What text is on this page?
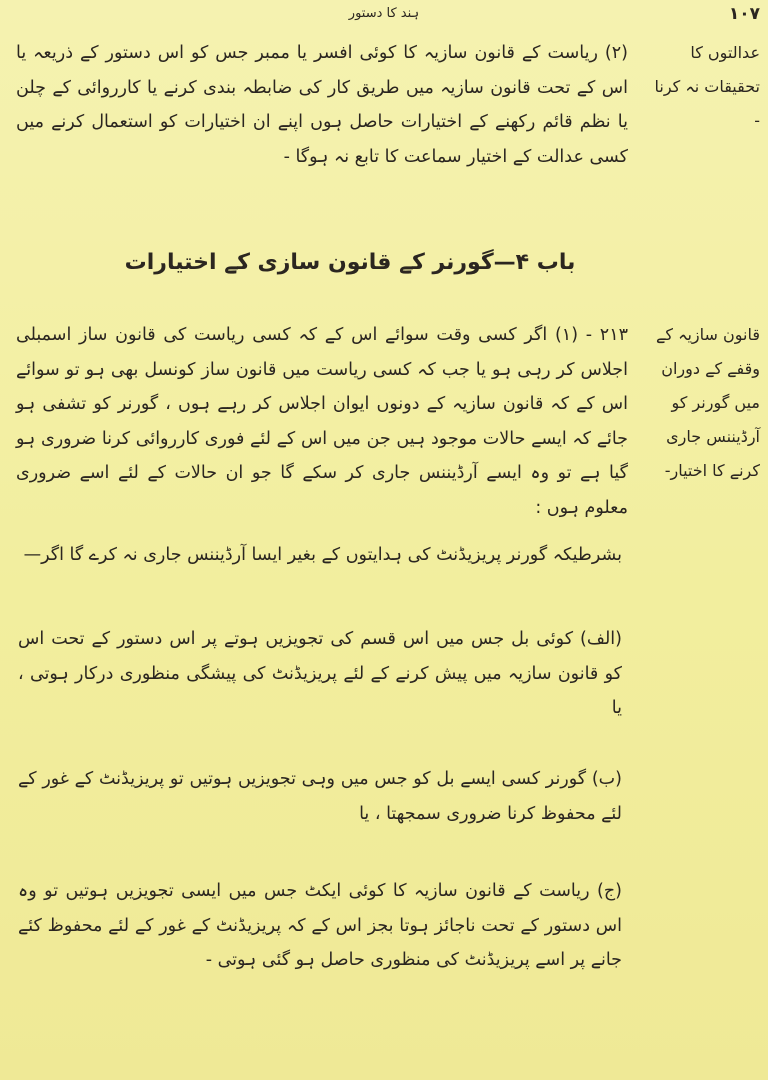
ہند کا دستور	۱۰۷
عدالتوں کا تحقیقات نہ کرنا -
قانون سازیہ کے وقفے کے دوران میں گورنر کو آرڈیننس جاری کرنے کا اختیار-
(۲) ریاست کے قانون سازیہ کا کوئی افسر یا ممبر جس کو اس دستور کے ذریعہ یا اس کے تحت قانون سازیہ میں طریق کار کی ضابطہ بندی کرنے یا کارروائی کے چلن یا نظم قائم رکھنے کے اختیارات حاصل ہوں اپنے ان اختیارات کو استعمال کرنے میں کسی عدالت کے اختیار سماعت کا تابع نہ ہوگا -
باب ۴—گورنر کے قانون سازی کے اختیارات
۲۱۳ - (۱) اگر کسی وقت سوائے اس کے کہ کسی ریاست کی قانون ساز اسمبلی اجلاس کر رہی ہو یا جب کہ کسی ریاست میں قانون ساز کونسل بھی ہو تو سوائے اس کے کہ قانون سازیہ کے دونوں ایوان اجلاس کر رہے ہوں ، گورنر کو تشفی ہو جائے کہ ایسے حالات موجود ہیں جن میں اس کے لئے فوری کارروائی کرنا ضروری ہو گیا ہے تو وہ ایسے آرڈیننس جاری کر سکے گا جو ان حالات کے لئے اسے ضروری معلوم ہوں :
بشرطیکہ گورنر پریزیڈنٹ کی ہدایتوں کے بغیر ایسا آرڈیننس جاری نہ کرے گا اگر—
(الف) کوئی بل جس میں اس قسم کی تجویزیں ہوتے پر اس دستور کے تحت اس کو قانون سازیہ میں پیش کرنے کے لئے پریزیڈنٹ کی پیشگی منظوری درکار ہوتی ، یا
(ب) گورنر کسی ایسے بل کو جس میں وہی تجویزیں ہوتیں تو پریزیڈنٹ کے غور کے لئے محفوظ کرنا ضروری سمجھتا ، یا
(ج) ریاست کے قانون سازیہ کا کوئی ایکٹ جس میں ایسی تجویزیں ہوتیں تو وہ اس دستور کے تحت ناجائز ہوتا بجز اس کے کہ پریزیڈنٹ کے غور کے لئے محفوظ کئے جانے پر اسے پریزیڈنٹ کی منظوری حاصل ہو گئی ہوتی -
